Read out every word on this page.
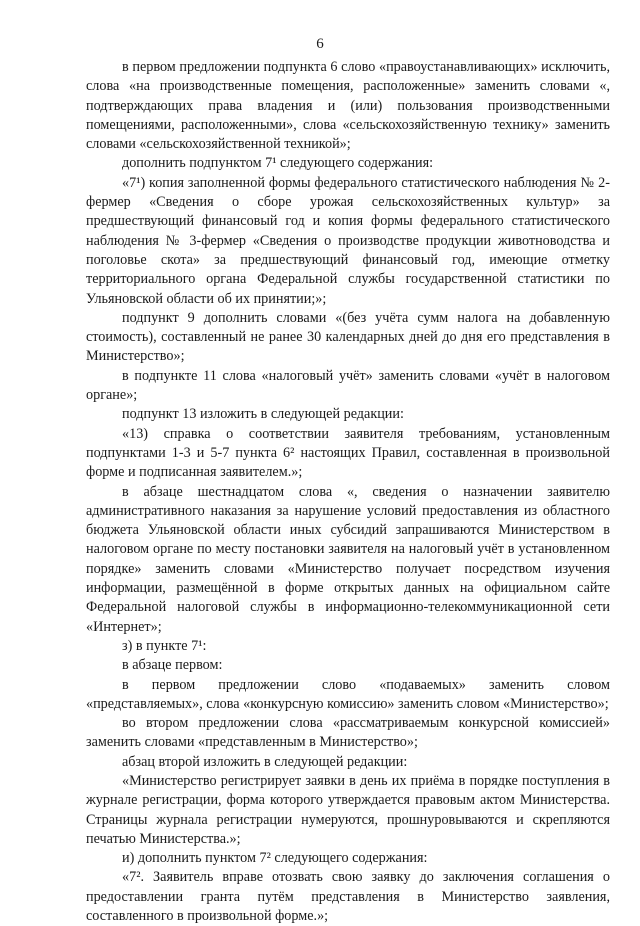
6

в первом предложении подпункта 6 слово «правоустанавливающих» исключить, слова «на производственные помещения, расположенные» заменить словами «, подтверждающих права владения и (или) пользования производственными помещениями, расположенными», слова «сельскохозяйственную технику» заменить словами «сельскохозяйственной техникой»;

дополнить подпунктом 7¹ следующего содержания:

«7¹) копия заполненной формы федерального статистического наблюдения № 2-фермер «Сведения о сборе урожая сельскохозяйственных культур» за предшествующий финансовый год и копия формы федерального статистического наблюдения № 3-фермер «Сведения о производстве продукции животноводства и поголовье скота» за предшествующий финансовый год, имеющие отметку территориального органа Федеральной службы государственной статистики по Ульяновской области об их принятии;»;

подпункт 9 дополнить словами «(без учёта сумм налога на добавленную стоимость), составленный не ранее 30 календарных дней до дня его представления в Министерство»;

в подпункте 11 слова «налоговый учёт» заменить словами «учёт в налоговом органе»;

подпункт 13 изложить в следующей редакции:

«13) справка о соответствии заявителя требованиям, установленным подпунктами 1-3 и 5-7 пункта 6² настоящих Правил, составленная в произвольной форме и подписанная заявителем.»;

в абзаце шестнадцатом слова «, сведения о назначении заявителю административного наказания за нарушение условий предоставления из областного бюджета Ульяновской области иных субсидий запрашиваются Министерством в налоговом органе по месту постановки заявителя на налоговый учёт в установленном порядке» заменить словами «Министерство получает посредством изучения информации, размещённой в форме открытых данных на официальном сайте Федеральной налоговой службы в информационно-телекоммуникационной сети «Интернет»;

з) в пункте 7¹:

в абзаце первом:

в первом предложении слово «подаваемых» заменить словом «представляемых», слова «конкурсную комиссию» заменить словом «Министерство»;

во втором предложении слова «рассматриваемым конкурсной комиссией» заменить словами «представленным в Министерство»;

абзац второй изложить в следующей редакции:

«Министерство регистрирует заявки в день их приёма в порядке поступления в журнале регистрации, форма которого утверждается правовым актом Министерства. Страницы журнала регистрации нумеруются, прошнуровываются и скрепляются печатью Министерства.»;

и) дополнить пунктом 7² следующего содержания:

«7². Заявитель вправе отозвать свою заявку до заключения соглашения о предоставлении гранта путём представления в Министерство заявления, составленного в произвольной форме.»;
